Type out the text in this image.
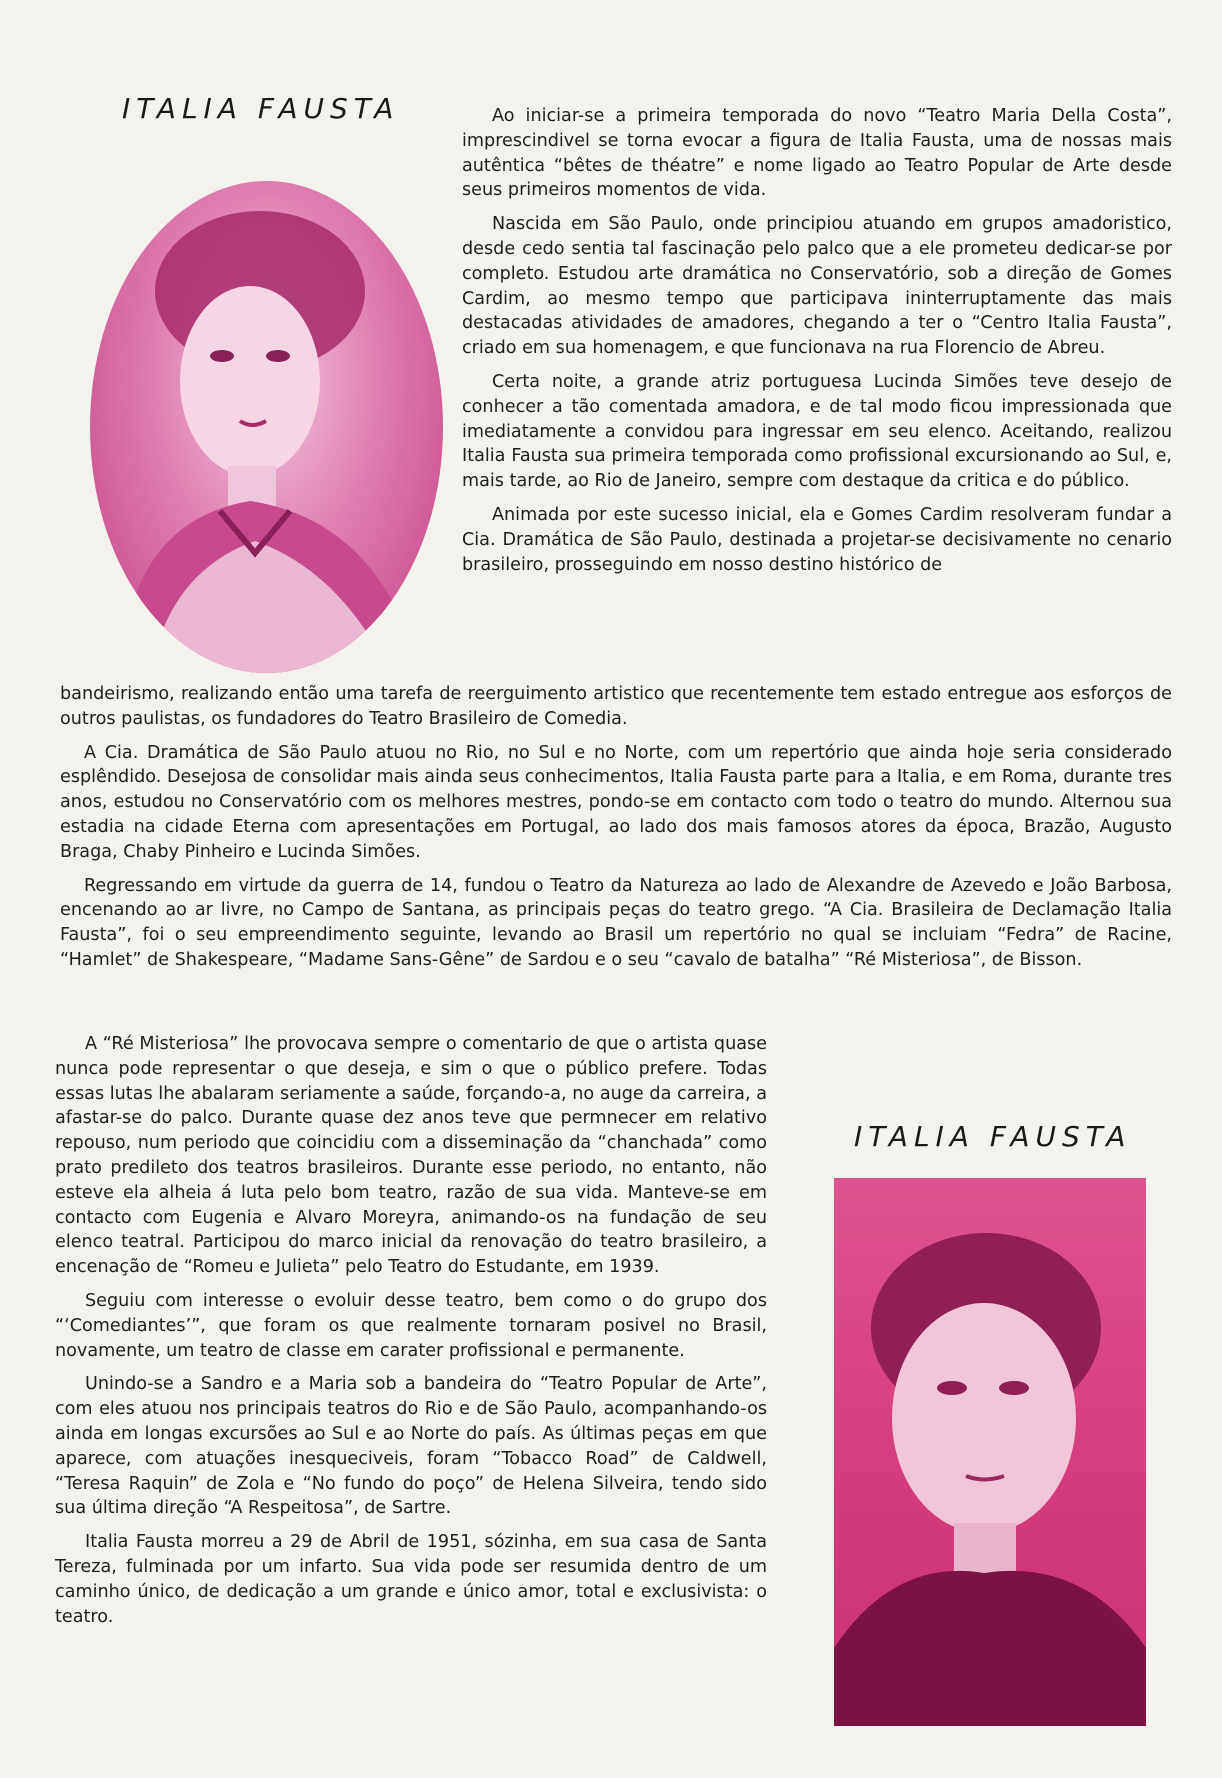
ITALIA FAUSTA	Ao iniciar-se a primeira temporada do novo “Teatro Maria Della Costa”, imprescindivel se torna evocar a figura de Italia Fausta, uma de nossas mais autêntica “bêtes de théatre” e nome ligado ao Teatro Popular de Arte desde seus primeiros momentos de vida.

Nascida em São Paulo, onde principiou atuando em grupos amadoristico, desde cedo sentia tal fascinação pelo palco que a ele prometeu dedicar-se por completo. Estudou arte dramática no Conservatório, sob a direção de Gomes Cardim, ao mesmo tempo que participava ininterruptamente das mais destacadas atividades de amadores, chegando a ter o “Centro Italia Fausta”, criado em sua homenagem, e que funcionava na rua Florencio de Abreu.

Certa noite, a grande atriz portuguesa Lucinda Simões teve desejo de conhecer a tão comentada amadora, e de tal modo ficou impressionada que imediatamente a convidou para ingressar em seu elenco. Aceitando, realizou Italia Fausta sua primeira temporada como profissional excursionando ao Sul, e, mais tarde, ao Rio de Janeiro, sempre com destaque da critica e do público.

Animada por este sucesso inicial, ela e Gomes Cardim resolveram fundar a Cia. Dramática de São Paulo, destinada a projetar-se decisivamente no cenario brasileiro, prosseguindo em nosso destino histórico de

bandeirismo, realizando então uma tarefa de reerguimento artistico que recentemente tem estado entregue aos esforços de outros paulistas, os fundadores do Teatro Brasileiro de Comedia.

A Cia. Dramática de São Paulo atuou no Rio, no Sul e no Norte, com um repertório que ainda hoje seria considerado esplêndido. Desejosa de consolidar mais ainda seus conhecimentos, Italia Fausta parte para a Italia, e em Roma, durante tres anos, estudou no Conservatório com os melhores mestres, pondo-se em contacto com todo o teatro do mundo. Alternou sua estadia na cidade Eterna com apresentações em Portugal, ao lado dos mais famosos atores da época, Brazão, Augusto Braga, Chaby Pinheiro e Lucinda Simões.

Regressando em virtude da guerra de 14, fundou o Teatro da Natureza ao lado de Alexandre de Azevedo e João Barbosa, encenando ao ar livre, no Campo de Santana, as principais peças do teatro grego. “A Cia. Brasileira de Declamação Italia Fausta”, foi o seu empreendimento seguinte, levando ao Brasil um repertório no qual se incluiam “Fedra” de Racine, “Hamlet” de Shakespeare, “Madame Sans-Gêne” de Sardou e o seu “cavalo de batalha” “Ré Misteriosa”, de Bisson.

A “Ré Misteriosa” lhe provocava sempre o comentario de que o artista quase nunca pode representar o que deseja, e sim o que o público prefere. Todas essas lutas lhe abalaram seriamente a saúde, forçando-a, no auge da carreira, a afastar-se do palco. Durante quase dez anos teve que permnecer em relativo repouso, num periodo que coincidiu com a disseminação da “chanchada” como prato predileto dos teatros brasileiros. Durante esse periodo, no entanto, não esteve ela alheia á luta pelo bom teatro, razão de sua vida. Manteve-se em contacto com Eugenia e Alvaro Moreyra, animando-os na fundação de seu elenco teatral. Participou do marco inicial da renovação do teatro brasileiro, a encenação de “Romeu e Julieta” pelo Teatro do Estudante, em 1939.

Seguiu com interesse o evoluir desse teatro, bem como o do grupo dos “‘Comediantes’”, que foram os que realmente tornaram posivel no Brasil, novamente, um teatro de classe em carater profissional e permanente.

Unindo-se a Sandro e a Maria sob a bandeira do “Teatro Popular de Arte”, com eles atuou nos principais teatros do Rio e de São Paulo, acompanhando-os ainda em longas excursões ao Sul e ao Norte do país. As últimas peças em que aparece, com atuações inesqueciveis, foram “Tobacco Road” de Caldwell, “Teresa Raquin” de Zola e “No fundo do poço” de Helena Silveira, tendo sido sua última direção “A Respeitosa”, de Sartre.

Italia Fausta morreu a 29 de Abril de 1951, sózinha, em sua casa de Santa Tereza, fulminada por um infarto. Sua vida pode ser resumida dentro de um caminho único, de dedicação a um grande e único amor, total e exclusivista: o teatro.

ITALIA FAUSTA
